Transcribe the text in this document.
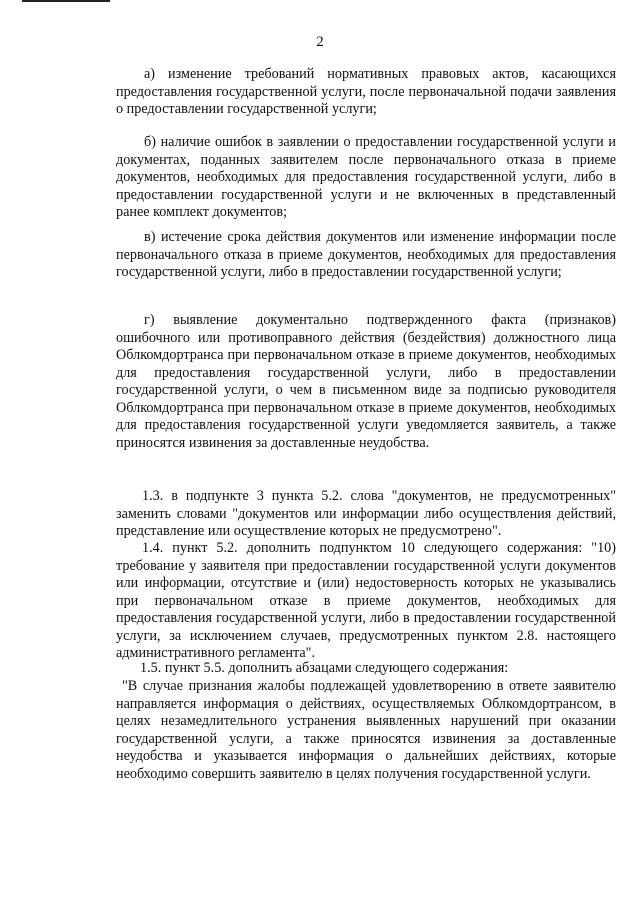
2

а) изменение требований нормативных правовых актов, касающихся предоставления государственной услуги, после первоначальной подачи заявления о предоставлении государственной услуги;

б) наличие ошибок в заявлении о предоставлении государственной услуги и документах, поданных заявителем после первоначального отказа в приеме документов, необходимых для предоставления государственной услуги, либо в предоставлении государственной услуги и не включенных в представленный ранее комплект документов;

в) истечение срока действия документов или изменение информации после первоначального отказа в приеме документов, необходимых для предоставления государственной услуги, либо в предоставлении государственной услуги;

г) выявление документально подтвержденного факта (признаков) ошибочного или противоправного действия (бездействия) должностного лица Облкомдортранса при первоначальном отказе в приеме документов, необходимых для предоставления государственной услуги, либо в предоставлении государственной услуги, о чем в письменном виде за подписью руководителя Облкомдортранса при первоначальном отказе в приеме документов, необходимых для предоставления государственной услуги уведомляется заявитель, а также приносятся извинения за доставленные неудобства.

1.3. в подпункте 3 пункта 5.2. слова "документов, не предусмотренных" заменить словами "документов или информации либо осуществления действий, представление или осуществление которых не предусмотрено".

1.4. пункт 5.2. дополнить подпунктом 10 следующего содержания: "10) требование у заявителя при предоставлении государственной услуги документов или информации, отсутствие и (или) недостоверность которых не указывались при первоначальном отказе в приеме документов, необходимых для предоставления государственной услуги, либо в предоставлении государственной услуги, за исключением случаев, предусмотренных пунктом 2.8. настоящего административного регламента".

1.5. пункт 5.5. дополнить абзацами следующего содержания:

"В случае признания жалобы подлежащей удовлетворению в ответе заявителю направляется информация о действиях, осуществляемых Облкомдортрансом, в целях незамедлительного устранения выявленных нарушений при оказании государственной услуги, а также приносятся извинения за доставленные неудобства и указывается информация о дальнейших действиях, которые необходимо совершить заявителю в целях получения государственной услуги.
